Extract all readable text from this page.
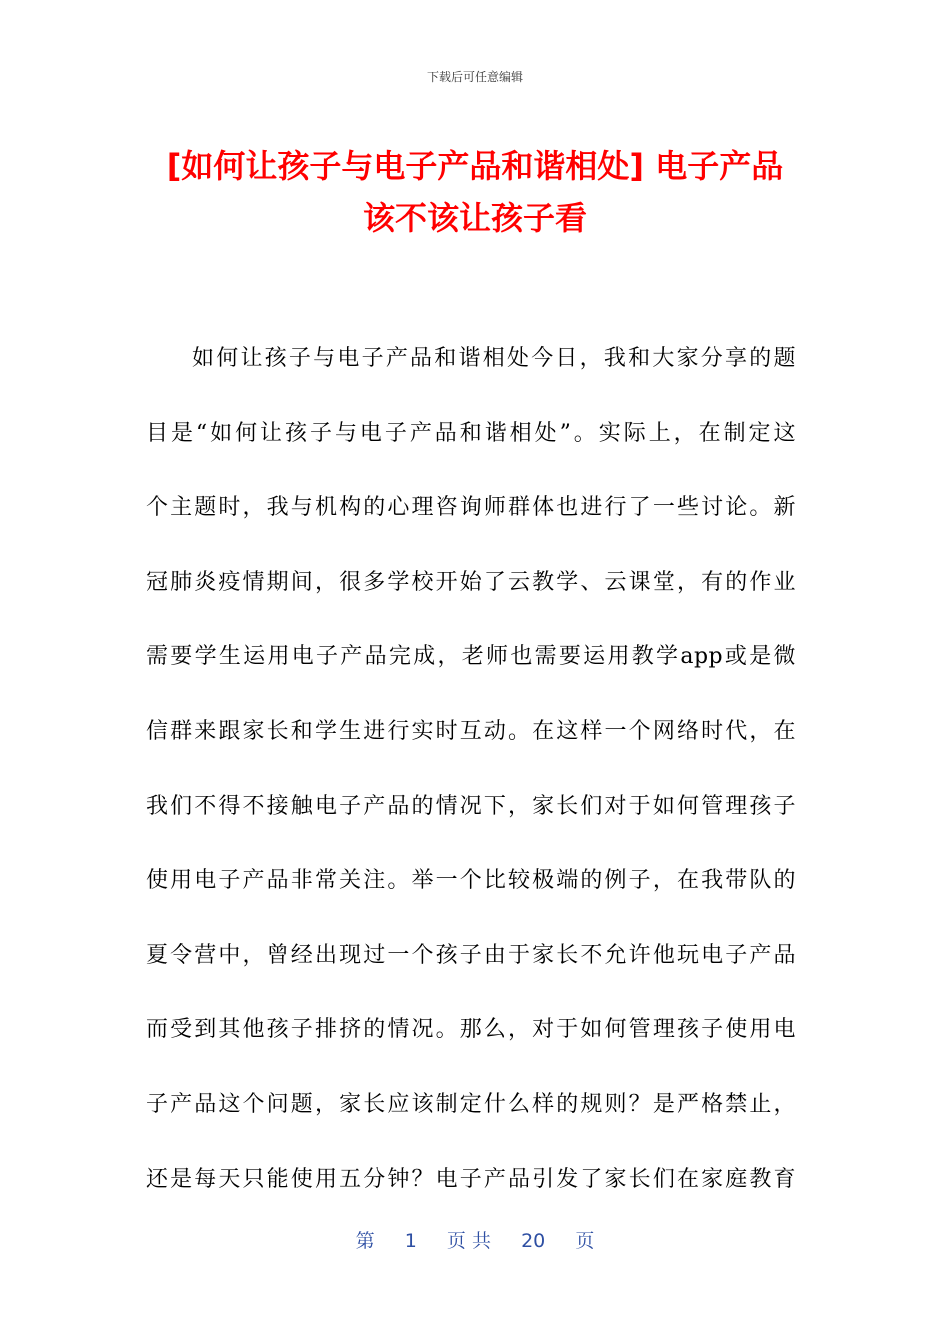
下载后可任意编辑
[如何让孩子与电子产品和谐相处] 电子产品
该不该让孩子看
如何让孩子与电子产品和谐相处今日，我和大家分享的题
目是“如何让孩子与电子产品和谐相处”。实际上，在制定这
个主题时，我与机构的心理咨询师群体也进行了一些讨论。新
冠肺炎疫情期间，很多学校开始了云教学、云课堂，有的作业
需要学生运用电子产品完成，老师也需要运用教学app或是微
信群来跟家长和学生进行实时互动。在这样一个网络时代，在
我们不得不接触电子产品的情况下，家长们对于如何管理孩子
使用电子产品非常关注。举一个比较极端的例子，在我带队的
夏令营中，曾经出现过一个孩子由于家长不允许他玩电子产品
而受到其他孩子排挤的情况。那么，对于如何管理孩子使用电
子产品这个问题，家长应该制定什么样的规则？是严格禁止，
还是每天只能使用五分钟？电子产品引发了家长们在家庭教育
第 1 页 共 20 页
